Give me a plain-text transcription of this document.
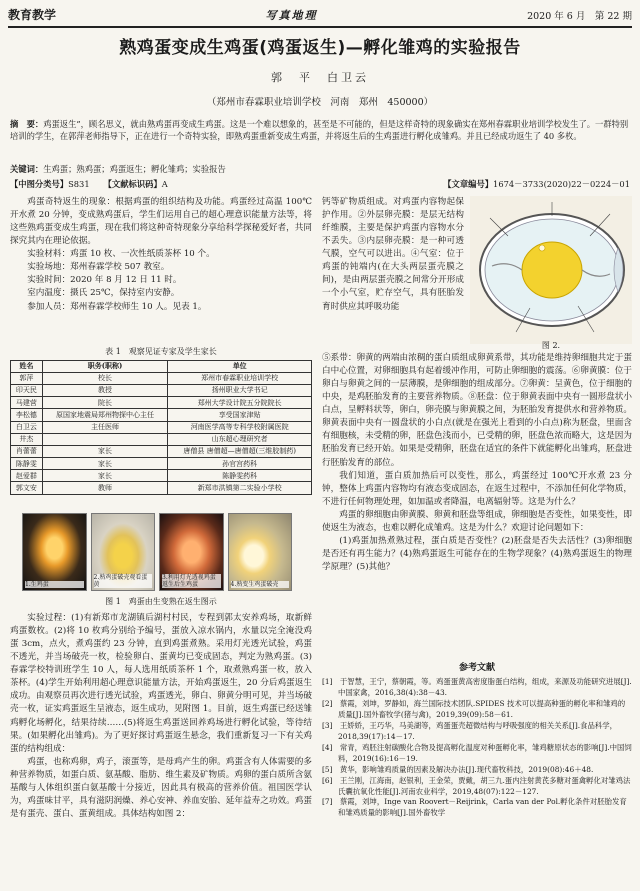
教育教学	写真地理	2020 年 6 月　第 22 期
熟鸡蛋变成生鸡蛋(鸡蛋返生)—孵化雏鸡的实验报告
郭　平　白卫云
（郑州市春霖职业培训学校　河南　郑州　450000）
摘　要：鸡蛋返生”，顾名思义，就由熟鸡蛋再变成生鸡蛋。这是一个难以想象的，甚至是不可能的，但是这样奇特的现象确实在郑州春霖职业培训学校发生了。一群特别培训的学生，在郭萍老师指导下，正在进行一个奇特实验，即熟鸡蛋重新变成生鸡蛋，并将返生后的生鸡蛋进行孵化成雏鸡。并且已经成功返生了 40 多枚。
关键词：生鸡蛋；熟鸡蛋；鸡蛋返生；孵化雏鸡；实验报告
【中图分类号】S831 【文献标识码】A	【文章编号】1674－3733(2020)22－0224－01

鸡蛋奇特返生的现象：根据鸡蛋的组织结构及功能。鸡蛋经过高温 100℃开水煮 20 分钟，变成熟鸡蛋后，学生们运用自己的超心理意识能量方法等，将这些熟鸡蛋变成生鸡蛋，现在我们将这种奇特现象分享给科学探秘爱好者，共同探究其内在理论依据。

实验材料：鸡蛋 10 枚、一次性纸质茶杯 10 个。

实验场地：郑州春霖学校 507 教室。

实验时间：2020 年 8 月 12 日 11 时。

室内温度：摄氏 25℃，保持室内安静。

参加人员：郑州春霖学校师生 10 人。见表 1。

表 1　观察见证专家及学生家长
姓名	职务(职称)	单位
郭萍	校长	郑州市春霖职业培训学校
印天民	教授	扬州职业大学书记
马建营	院长	郑州大学设计院五分院院长
李松德	原国家地震局郑州物探中心主任	享受国家津贴
白卫云	主任医师	河南医学高等专科学校附属医院
井杰		山东超心理研究者
肖蕾蕾	家长	唐僧县 唐僧超—唐僧超(三维胶制药)
陈静雯	家长	孙官宫药科
赵爱群	家长	陈静雯药科
郭文安	教师	新郑市洪镇第二实验小学校
1.生鸡蛋
2.熟鸡蛋破壳观看蛋黄
3.利用灯光透视鸡蛋返生后生鸡蛋	4.熟变生鸡蛋破壳
图 1　鸡蛋由生变熟在返生图示

实验过程：(1)有新郑市龙湖镇后湖村村民，专程到郭太安养鸡场，取新鲜鸡蛋数枚。(2)将 10 枚鸡分别给予编号，蛋放入凉水锅内，水量以完全淹没鸡蛋 3cm，点火，煮鸡蛋约 23 分钟，直到鸡蛋煮熟。采用灯光透光试验，鸡蛋不透光，并当场破壳一枚，检验卵白、蛋黄均已变成固态，判定为熟鸡蛋。(3)春霖学校特训班学生 10 人，每人选用纸质茶杯 1 个，取煮熟鸡蛋一枚，放入茶杯。(4)学生开始利用超心理意识能量方法，开始鸡蛋返生，20 分后鸡蛋返生成功。由观察员再次进行透光试验，鸡蛋透光，卵白、卵黄分明可见，并当场破壳一枚，证实鸡蛋返生呈液态，返生成功，见附图 1。目前，返生鸡蛋已经送雏鸡孵化场孵化，结果待续……(5)将返生鸡蛋送回养鸡场进行孵化试验，等待结果。(如果孵化出雏鸡)。为了更好探讨鸡蛋返生悬念，我们重新复习一下有关鸡蛋的结构组成：

鸡蛋，也称鸡卵，鸡子，滚蛋等，是母鸡产生的卵。鸡蛋含有人体需要的多种营养物质，如蛋白质、氨基酸、脂肪、维生素及矿物质。鸡卵的蛋白质所含氨基酸与人体组织蛋白氨基酸十分接近，因此具有极高的营养价值。祖国医学认为，鸡蛋味甘平，具有滋阴润燥、养心安神、养血安胎、延年益寿之功效。鸡蛋是有蛋壳、蛋白、蛋黄组成。具体结构如图 2：

钙等矿物质组成。对鸡蛋内容物起保护作用。②外层卵壳膜：是层无结构纤维膜，主要是保护鸡蛋内容物水分不丢失。③内层卵壳膜：是一种可透气膜，空气可以进出。④气室：位于鸡蛋的钝端内(在大头两层蛋壳膜之间)，是由两层蛋壳膜之间常分开形成一个小气室，贮存空气，具有胚胎发育时供应其呼吸功能

图 2.

⑤系带：卵黄的两端由浓稠的蛋白质组成卵黄系带，其功能是维持卵细胞共定于蛋白中心位置，对卵细胞具有起着缓冲作用，可防止卵细胞的震荡。⑥卵黄膜：位于卵白与卵黄之间的一层薄膜，是卵细胞的组成部分。⑦卵黄：呈黄色，位于细胞的中央，是鸡胚胎发育的主要营养物质。⑧胚盘：位于卵黄表面中央有一圆形盘状小白点，呈孵料状等，卵白，卵壳膜与卵黄膜之间，为胚胎发育提供水和营养物质。卵黄表面中央有一圆盘状的小白点(就是在强光上看到的小白点)称为胚盘，里面含有细胞核，未受精的卵，胚盘色浅而小，已受精的卵，胚盘色浓而略大，这是因为胚胎发育已经开始。如果是受精卵，胚盘在适宜的条件下就能孵化出雏鸡，胚盘进行胚胎发育的部位。

我们知道，蛋白质加热后可以变性，那么，鸡蛋经过 100℃开水煮 23 分钟，整体上鸡蛋内容物均有液态变成固态，在返生过程中，不添加任何化学物质，不进行任何物理处理，如加温或者降温，电离辐射等。这是为什么？

鸡蛋的卵细胞由卵黄膜、卵黄和胚盘等组成，卵细胞是否变性，如果变性，即使返生为液态，也难以孵化成雏鸡。这是为什么？欢迎讨论问题如下：

(1)鸡蛋加热煮熟过程，蛋白质是否变性？(2)胚盘是否失去活性？(3)卵细胞是否还有再生能力？(4)熟鸡蛋返生可能存在的生物学现象？(4)熟鸡蛋返生的物理学原理？(5)其他？

参考文献
[1]　于智慧，王宁，蔡朝霞，等。鸡蛋蛋黄高密度脂蛋白结构，组成，来源及功能研究进展[J].中国家禽，2016,38(4):38－43.
[2]　蔡霞，刘坤，罗静如，海兰国际技术团队.SPIDES 技术可以提高种蛋的孵化率和雏鸡的质量[J].国外畜牧学(猪与禽)，2019,39(09):58－61.
[3]　王娇娇，王巧华，马美湖等，鸡蛋蛋壳超微结构与呼吸强度的相关关系[J].食品科学，2018,39(17):14－17.
[4]　常青，鸡胚注射碳酸化合物及提高孵化温度对种蛋孵化率，雏鸡糖原状态的影响[J].中国饲料，2019(16):16－19.
[5]　黄华，影响雏鸡质量的因素及解决办法[J].现代畜牧科技，2019(08):46＋48.
[6]　王兰刚，江海南，赵银利，王金荣，贾戴，胡三九.蛋内注射黄芪多糖对蛋禽孵化对雏鸡法氏囊抗氧化性能[J].河南农业科学，2019,48(07):122－127.
[7]　蔡霞，刘坤，Inge van Roovert－Reijrink，Carla van der Pol.孵化条件对胚胎发育和雏鸡质量的影响[J].国外畜牧学
